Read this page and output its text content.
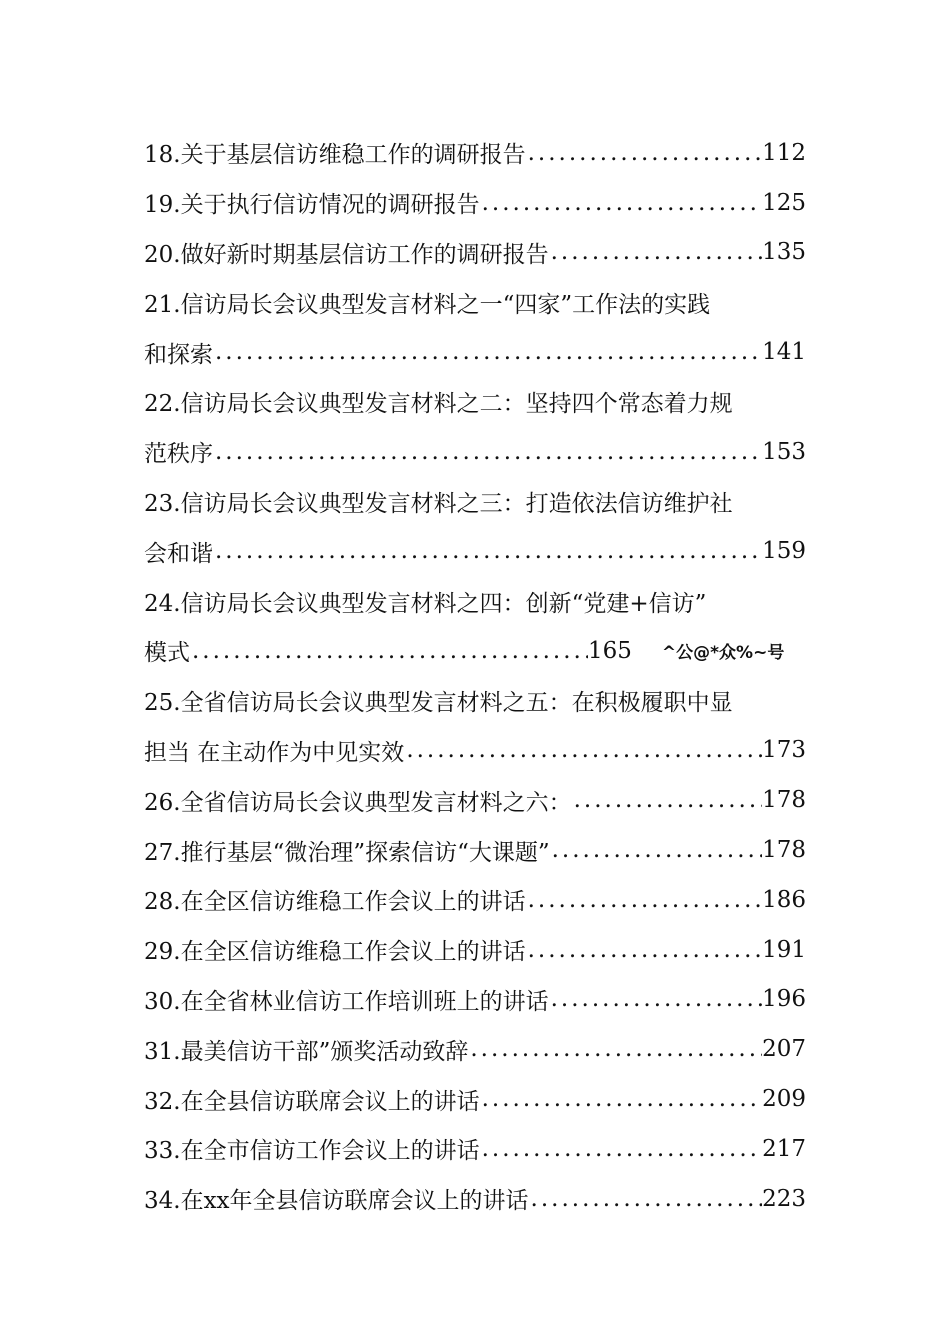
18.关于基层信访维稳工作的调研报告 .....	112
19.关于执行信访情况的调研报告 .....	125
20.做好新时期基层信访工作的调研报告 .....	135
21.信访局长会议典型发言材料之一“四家”工作法的实践
和探索 .....	141
22.信访局长会议典型发言材料之二：坚持四个常态着力规
范秩序 .....	153
23.信访局长会议典型发言材料之三：打造依法信访维护社
会和谐 .....	159
24.信访局长会议典型发言材料之四：创新“党建+信访”
模式 .....	165 ^公@*众%~号
25.全省信访局长会议典型发言材料之五：在积极履职中显
担当 在主动作为中见实效 .....	173
26.全省信访局长会议典型发言材料之六： .....	178
27.推行基层“微治理”探索信访“大课题” .....	178
28.在全区信访维稳工作会议上的讲话 .....	186
29.在全区信访维稳工作会议上的讲话 .....	191
30.在全省林业信访工作培训班上的讲话 .....	196
31.最美信访干部”颁奖活动致辞 .....	207
32.在全县信访联席会议上的讲话 .....	209
33.在全市信访工作会议上的讲话 .....	217
34.在xx年全县信访联席会议上的讲话 .....	223
